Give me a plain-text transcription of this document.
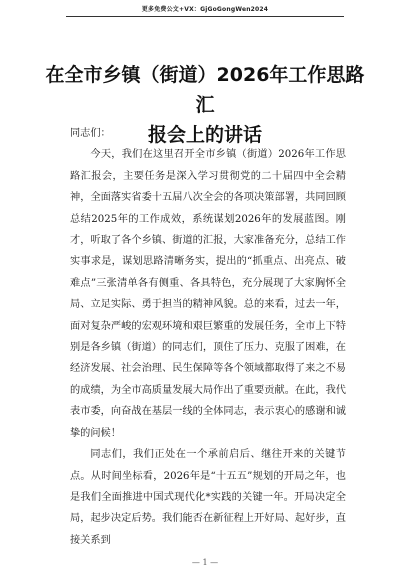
更多免费公文+VX：GjGoGongWen2024
在全市乡镇（街道）2026年工作思路汇
报会上的讲话

同志们：

今天，我们在这里召开全市乡镇（街道）2026年工作思路汇报会，主要任务是深入学习贯彻党的二十届四中全会精神，全面落实省委十五届八次全会的各项决策部署，共同回顾总结2025年的工作成效，系统谋划2026年的发展蓝图。刚才，听取了各个乡镇、街道的汇报，大家准备充分，总结工作实事求是，谋划思路清晰务实，提出的“抓重点、出亮点、破难点”三张清单各有侧重、各具特色，充分展现了大家胸怀全局、立足实际、勇于担当的精神风貌。总的来看，过去一年，面对复杂严峻的宏观环境和艰巨繁重的发展任务，全市上下特别是各乡镇（街道）的同志们，顶住了压力、克服了困难，在经济发展、社会治理、民生保障等各个领域都取得了来之不易的成绩，为全市高质量发展大局作出了重要贡献。在此，我代表市委，向奋战在基层一线的全体同志，表示衷心的感谢和诚挚的问候！

同志们，我们正处在一个承前启后、继往开来的关键节点。从时间坐标看，2026年是“十五五”规划的开局之年，也是我们全面推进中国式现代化*实践的关键一年。开局决定全局，起步决定后势。我们能否在新征程上开好局、起好步，直接关系到

— 1 —
